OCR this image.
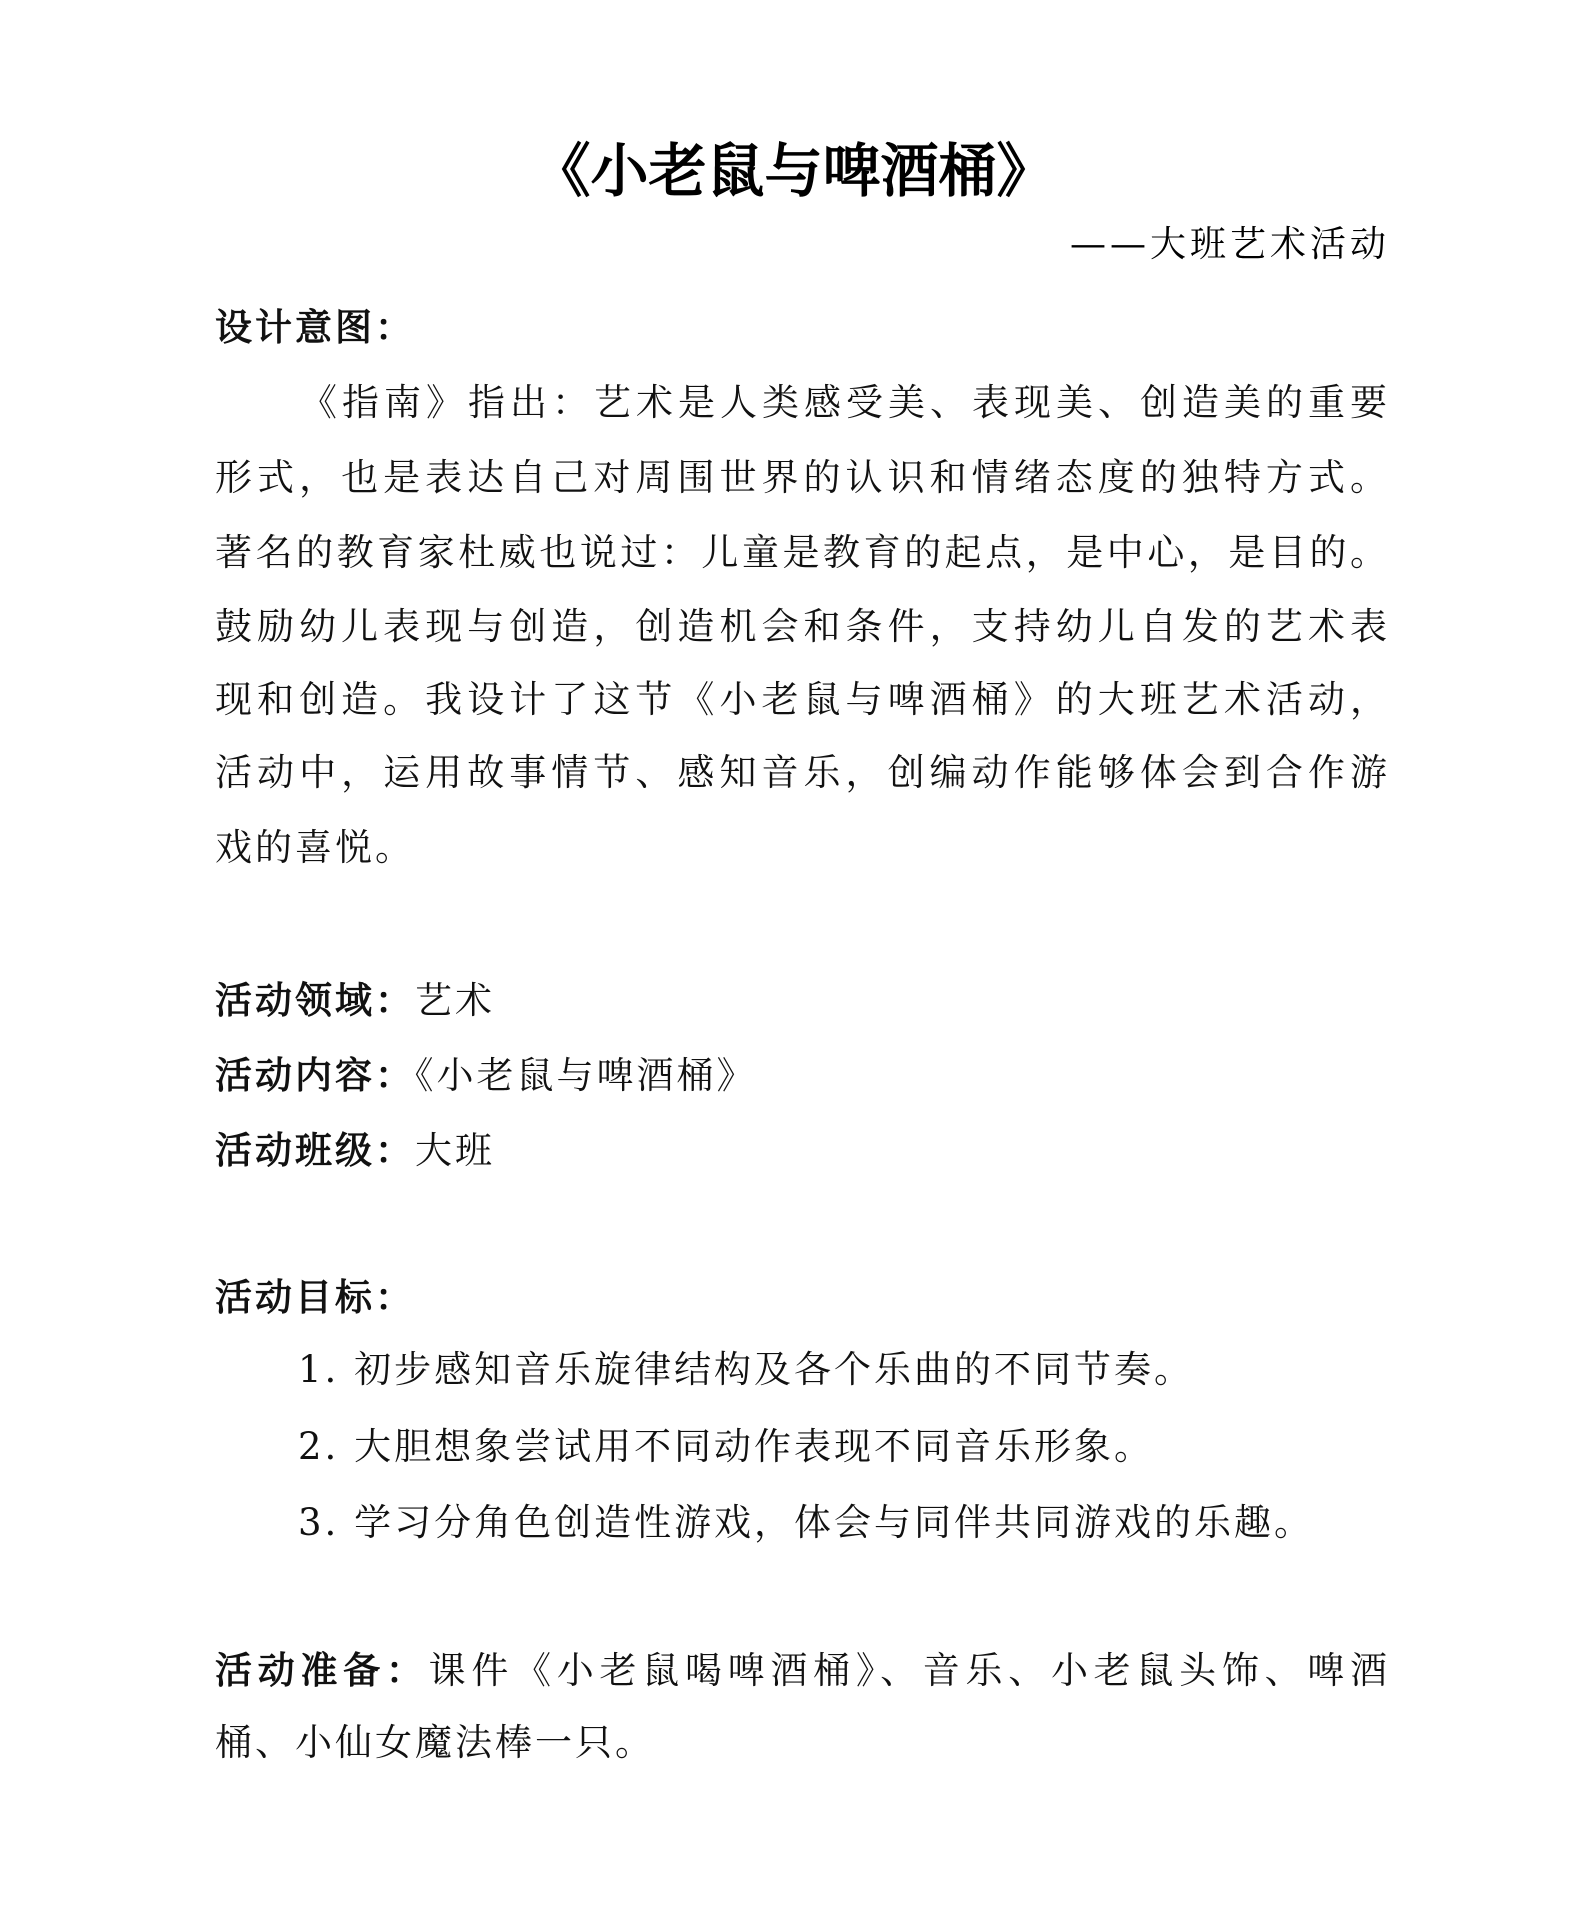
《小老鼠与啤酒桶》
——大班艺术活动
设计意图：
《指南》指出：艺术是人类感受美、表现美、创造美的重要
形式，也是表达自己对周围世界的认识和情绪态度的独特方式。
著名的教育家杜威也说过：儿童是教育的起点，是中心，是目的。
鼓励幼儿表现与创造，创造机会和条件，支持幼儿自发的艺术表
现和创造。我设计了这节《小老鼠与啤酒桶》的大班艺术活动，
活动中，运用故事情节、感知音乐，创编动作能够体会到合作游
戏的喜悦。
活动领域：艺术
活动内容：《小老鼠与啤酒桶》
活动班级：大班
活动目标：
1. 初步感知音乐旋律结构及各个乐曲的不同节奏。
2. 大胆想象尝试用不同动作表现不同音乐形象。
3. 学习分角色创造性游戏，体会与同伴共同游戏的乐趣。
活动准备：课件《小老鼠喝啤酒桶》、音乐、小老鼠头饰、啤酒
桶、小仙女魔法棒一只。
